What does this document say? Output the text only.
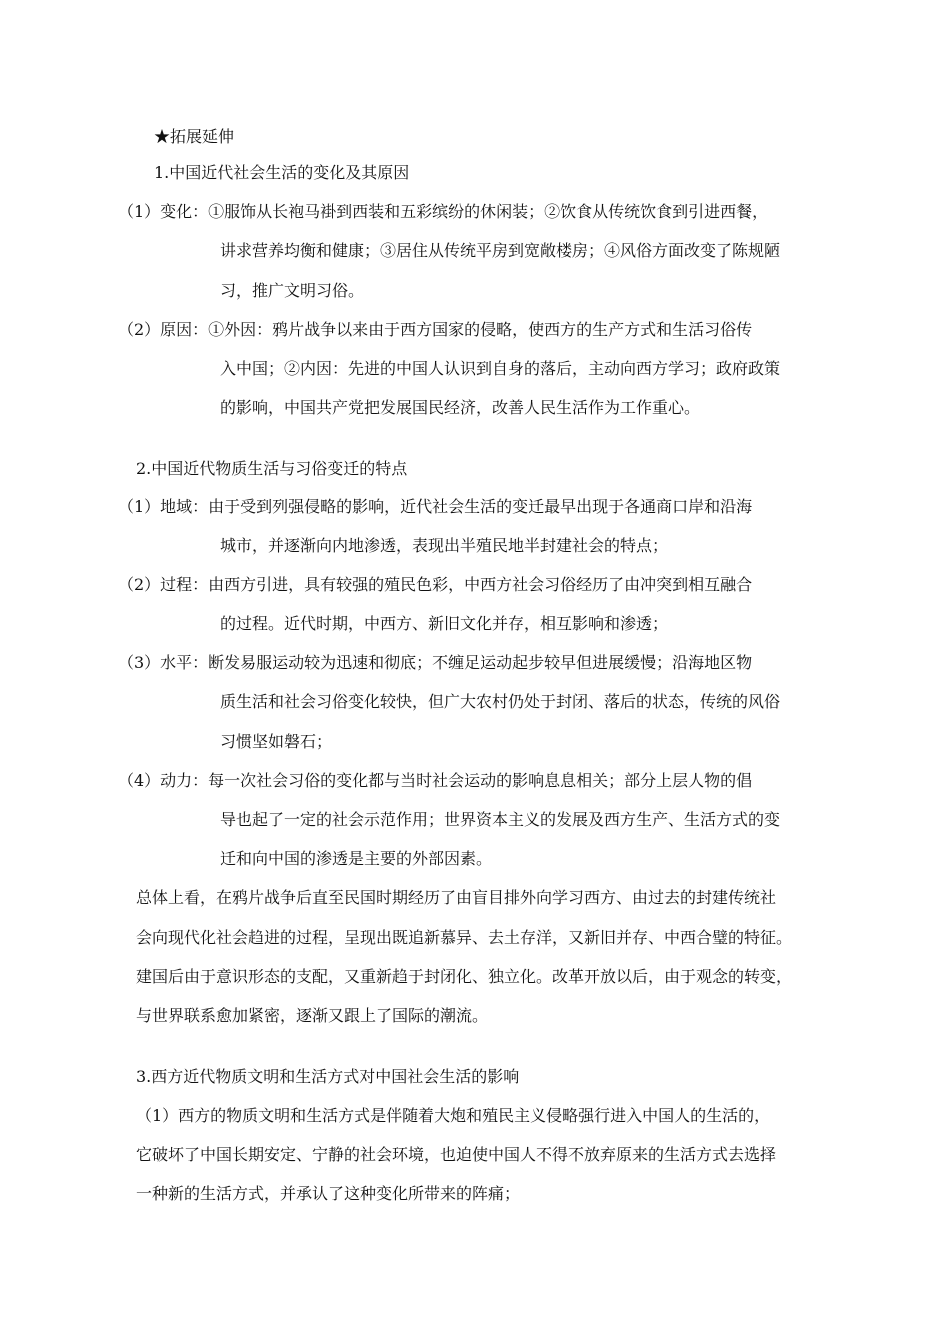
★拓展延伸
1.中国近代社会生活的变化及其原因
（1）变化：①服饰从长袍马褂到西装和五彩缤纷的休闲装；②饮食从传统饮食到引进西餐，
讲求营养均衡和健康；③居住从传统平房到宽敞楼房；④风俗方面改变了陈规陋
习，推广文明习俗。
（2）原因：①外因：鸦片战争以来由于西方国家的侵略，使西方的生产方式和生活习俗传
入中国；②内因：先进的中国人认识到自身的落后，主动向西方学习；政府政策
的影响，中国共产党把发展国民经济，改善人民生活作为工作重心。
2.中国近代物质生活与习俗变迁的特点
（1）地域：由于受到列强侵略的影响，近代社会生活的变迁最早出现于各通商口岸和沿海
城市，并逐渐向内地渗透，表现出半殖民地半封建社会的特点；
（2）过程：由西方引进，具有较强的殖民色彩，中西方社会习俗经历了由冲突到相互融合
的过程。近代时期，中西方、新旧文化并存，相互影响和渗透；
（3）水平：断发易服运动较为迅速和彻底；不缠足运动起步较早但进展缓慢；沿海地区物
质生活和社会习俗变化较快，但广大农村仍处于封闭、落后的状态，传统的风俗
习惯坚如磐石；
（4）动力：每一次社会习俗的变化都与当时社会运动的影响息息相关；部分上层人物的倡
导也起了一定的社会示范作用；世界资本主义的发展及西方生产、生活方式的变
迁和向中国的渗透是主要的外部因素。
总体上看，在鸦片战争后直至民国时期经历了由盲目排外向学习西方、由过去的封建传统社
会向现代化社会趋进的过程，呈现出既追新慕异、去土存洋，又新旧并存、中西合璧的特征。
建国后由于意识形态的支配，又重新趋于封闭化、独立化。改革开放以后，由于观念的转变，
与世界联系愈加紧密，逐渐又跟上了国际的潮流。
3.西方近代物质文明和生活方式对中国社会生活的影响
（1）西方的物质文明和生活方式是伴随着大炮和殖民主义侵略强行进入中国人的生活的，
它破坏了中国长期安定、宁静的社会环境，也迫使中国人不得不放弃原来的生活方式去选择
一种新的生活方式，并承认了这种变化所带来的阵痛；
